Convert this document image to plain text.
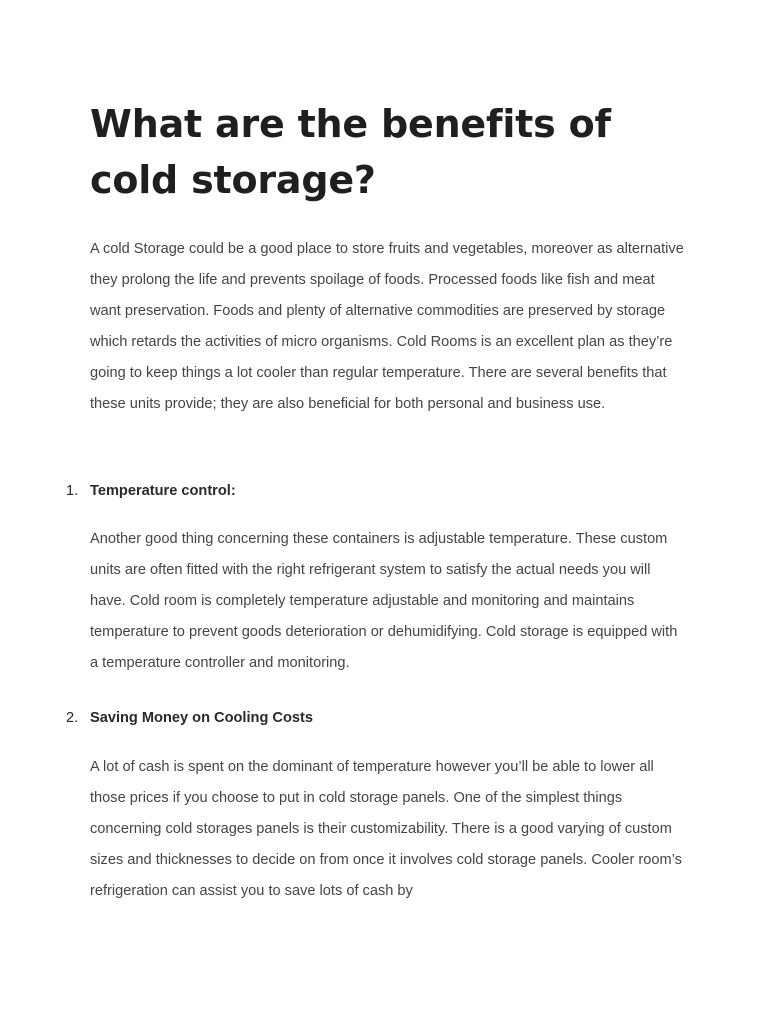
What are the benefits of cold storage?

A cold Storage could be a good place to store fruits and vegetables, moreover as alternative they prolong the life and prevents spoilage of foods. Processed foods like fish and meat want preservation. Foods and plenty of alternative commodities are preserved by storage which retards the activities of micro organisms. Cold Rooms is an excellent plan as they’re going to keep things a lot cooler than regular temperature. There are several benefits that these units provide; they are also beneficial for both personal and business use.

1. Temperature control:

Another good thing concerning these containers is adjustable temperature. These custom units are often fitted with the right refrigerant system to satisfy the actual needs you will have. Cold room is completely temperature adjustable and monitoring and maintains temperature to prevent goods deterioration or dehumidifying. Cold storage is equipped with a temperature controller and monitoring.

2. Saving Money on Cooling Costs

A lot of cash is spent on the dominant of temperature however you’ll be able to lower all those prices if you choose to put in cold storage panels. One of the simplest things concerning cold storages panels is their customizability. There is a good varying of custom sizes and thicknesses to decide on from once it involves cold storage panels. Cooler room’s refrigeration can assist you to save lots of cash by
